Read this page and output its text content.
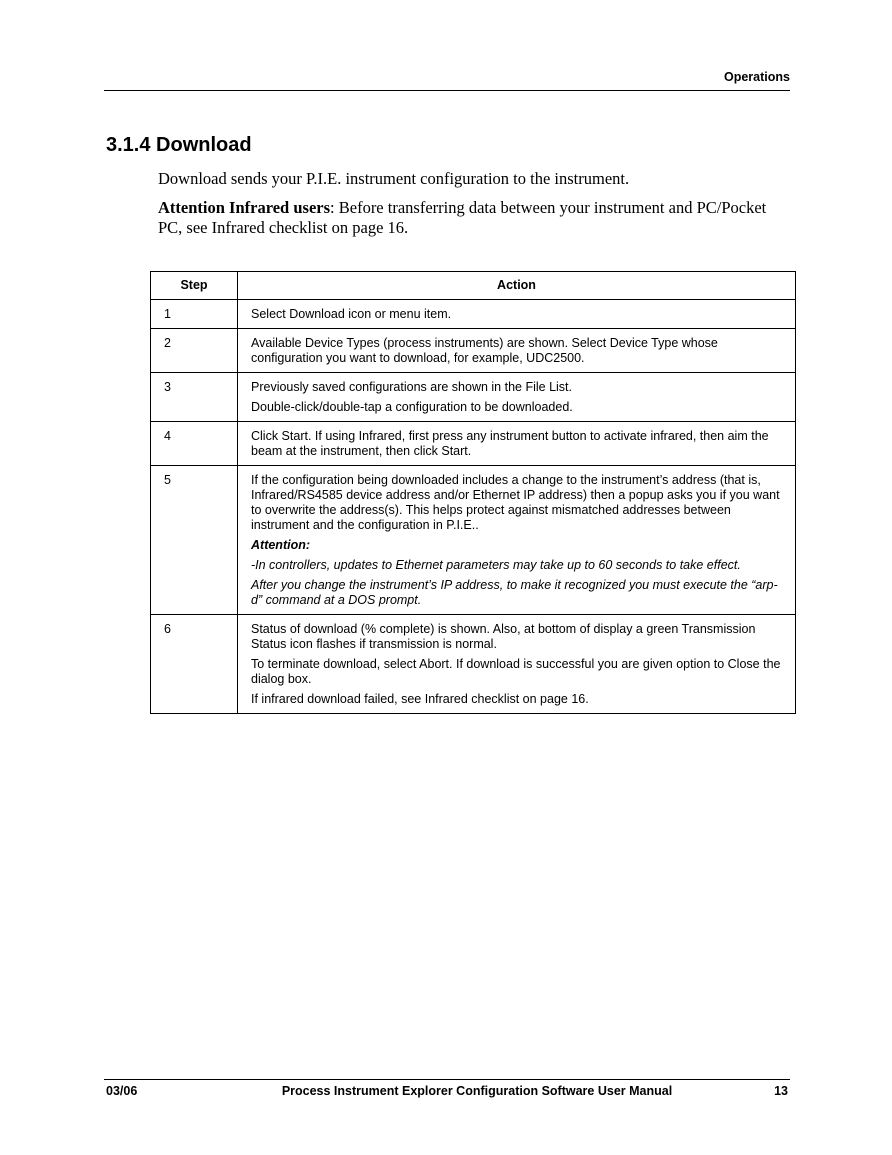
Operations
3.1.4 Download
Download sends your P.I.E. instrument configuration to the instrument.
Attention Infrared users: Before transferring data between your instrument and PC/Pocket PC, see Infrared checklist on page 16.
Step	Action
1	Select Download icon or menu item.

2	Available Device Types (process instruments) are shown. Select Device Type whose configuration you want to download, for example, UDC2500.

3	Previously saved configurations are shown in the File List.

Double-click/double-tap a configuration to be downloaded.

4	Click Start. If using Infrared, first press any instrument button to activate infrared, then aim the beam at the instrument, then click Start.

5	If the configuration being downloaded includes a change to the instrument’s address (that is, Infrared/RS4585 device address and/or Ethernet IP address) then a popup asks you if you want to overwrite the address(s). This helps protect against mismatched addresses between instrument and the configuration in P.I.E..

Attention:

-In controllers, updates to Ethernet parameters may take up to 60 seconds to take effect.

After you change the instrument’s IP address, to make it recognized you must execute the “arp-d” command at a DOS prompt.

6	Status of download (% complete) is shown. Also, at bottom of display a green Transmission Status icon flashes if transmission is normal.

To terminate download, select Abort. If download is successful you are given option to Close the dialog box.

If infrared download failed, see Infrared checklist on page 16.

03/06	Process Instrument Explorer Configuration Software User Manual	13
